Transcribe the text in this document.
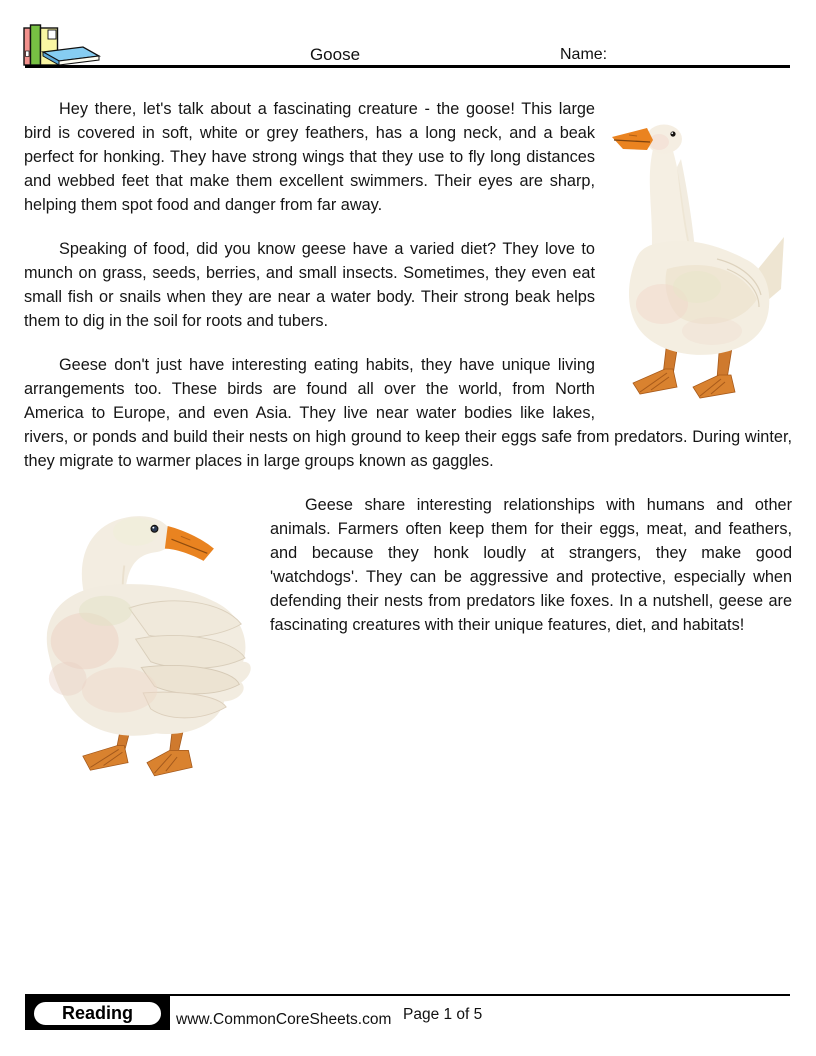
Goose	Name:

Hey there, let's talk about a fascinating creature - the goose! This large bird is covered in soft, white or grey feathers, has a long neck, and a beak perfect for honking. They have strong wings that they use to fly long distances and webbed feet that make them excellent swimmers. Their eyes are sharp, helping them spot food and danger from far away.

Speaking of food, did you know geese have a varied diet? They love to munch on grass, seeds, berries, and small insects. Sometimes, they even eat small fish or snails when they are near a water body. Their strong beak helps them to dig in the soil for roots and tubers.

Geese don't just have interesting eating habits, they have unique living arrangements too. These birds are found all over the world, from North America to Europe, and even Asia. They live near water bodies like lakes, rivers, or ponds and build their nests on high ground to keep their eggs safe from predators. During winter, they migrate to warmer places in large groups known as gaggles.

Geese share interesting relationships with humans and other animals. Farmers often keep them for their eggs, meat, and feathers, and because they honk loudly at strangers, they make good 'watchdogs'. They can be aggressive and protective, especially when defending their nests from predators like foxes. In a nutshell, geese are fascinating creatures with their unique features, diet, and habitats!

Reading	www.CommonCoreSheets.com Page 1 of 5
